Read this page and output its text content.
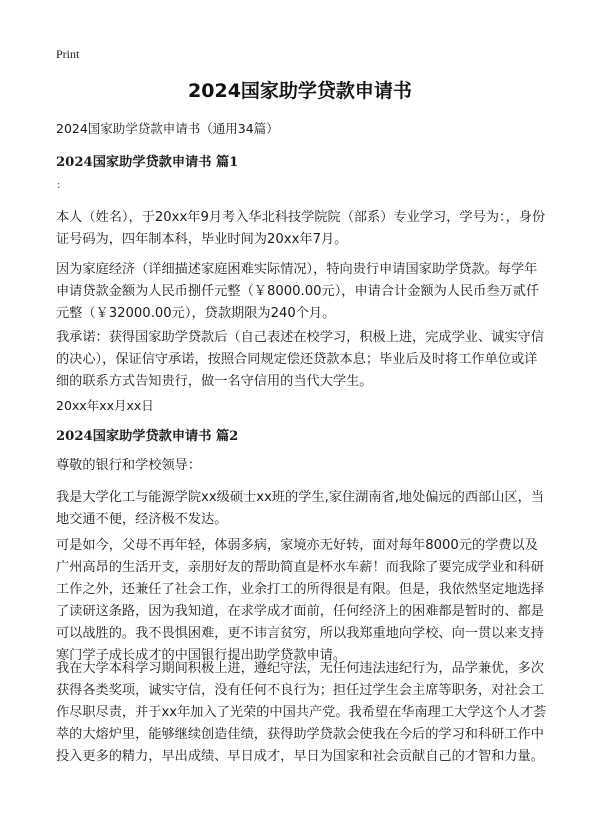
Print
2024国家助学贷款申请书
2024国家助学贷款申请书（通用34篇）
2024国家助学贷款申请书 篇1
:

本人（姓名），于20xx年9月考入华北科技学院院（部系）专业学习，学号为：，身份证号码为，四年制本科，毕业时间为20xx年7月。

因为家庭经济（详细描述家庭困难实际情况），特向贵行申请国家助学贷款。每学年申请贷款金额为人民币捌仟元整（￥8000.00元），申请合计金额为人民币叁万贰仟元整（￥32000.00元），贷款期限为240个月。

我承诺：获得国家助学贷款后（自己表述在校学习，积极上进，完成学业、诚实守信的决心），保证信守承诺，按照合同规定偿还贷款本息；毕业后及时将工作单位或详细的联系方式告知贵行，做一名守信用的当代大学生。

20xx年xx月xx日
2024国家助学贷款申请书 篇2
尊敬的银行和学校领导：

我是大学化工与能源学院xx级硕士xx班的学生,家住湖南省,地处偏远的西部山区，当地交通不便，经济极不发达。

可是如今，父母不再年轻，体弱多病，家境亦无好转，面对每年8000元的学费以及广州高昂的生活开支，亲朋好友的帮助简直是杯水车薪！而我除了要完成学业和科研工作之外，还兼任了社会工作，业余打工的所得很是有限。但是，我依然坚定地选择了读研这条路，因为我知道，在求学成才面前，任何经济上的困难都是暂时的、都是可以战胜的。我不畏惧困难，更不讳言贫穷，所以我郑重地向学校、向一贯以来支持寒门学子成长成才的中国银行提出助学贷款申请。

我在大学本科学习期间积极上进，遵纪守法，无任何违法违纪行为，品学兼优，多次获得各类奖项，诚实守信，没有任何不良行为；担任过学生会主席等职务，对社会工作尽职尽责，并于xx年加入了光荣的中国共产党。我希望在华南理工大学这个人才荟萃的大熔炉里，能够继续创造佳绩，获得助学贷款会使我在今后的学习和科研工作中投入更多的精力，早出成绩、早日成才，早日为国家和社会贡献自己的才智和力量。
